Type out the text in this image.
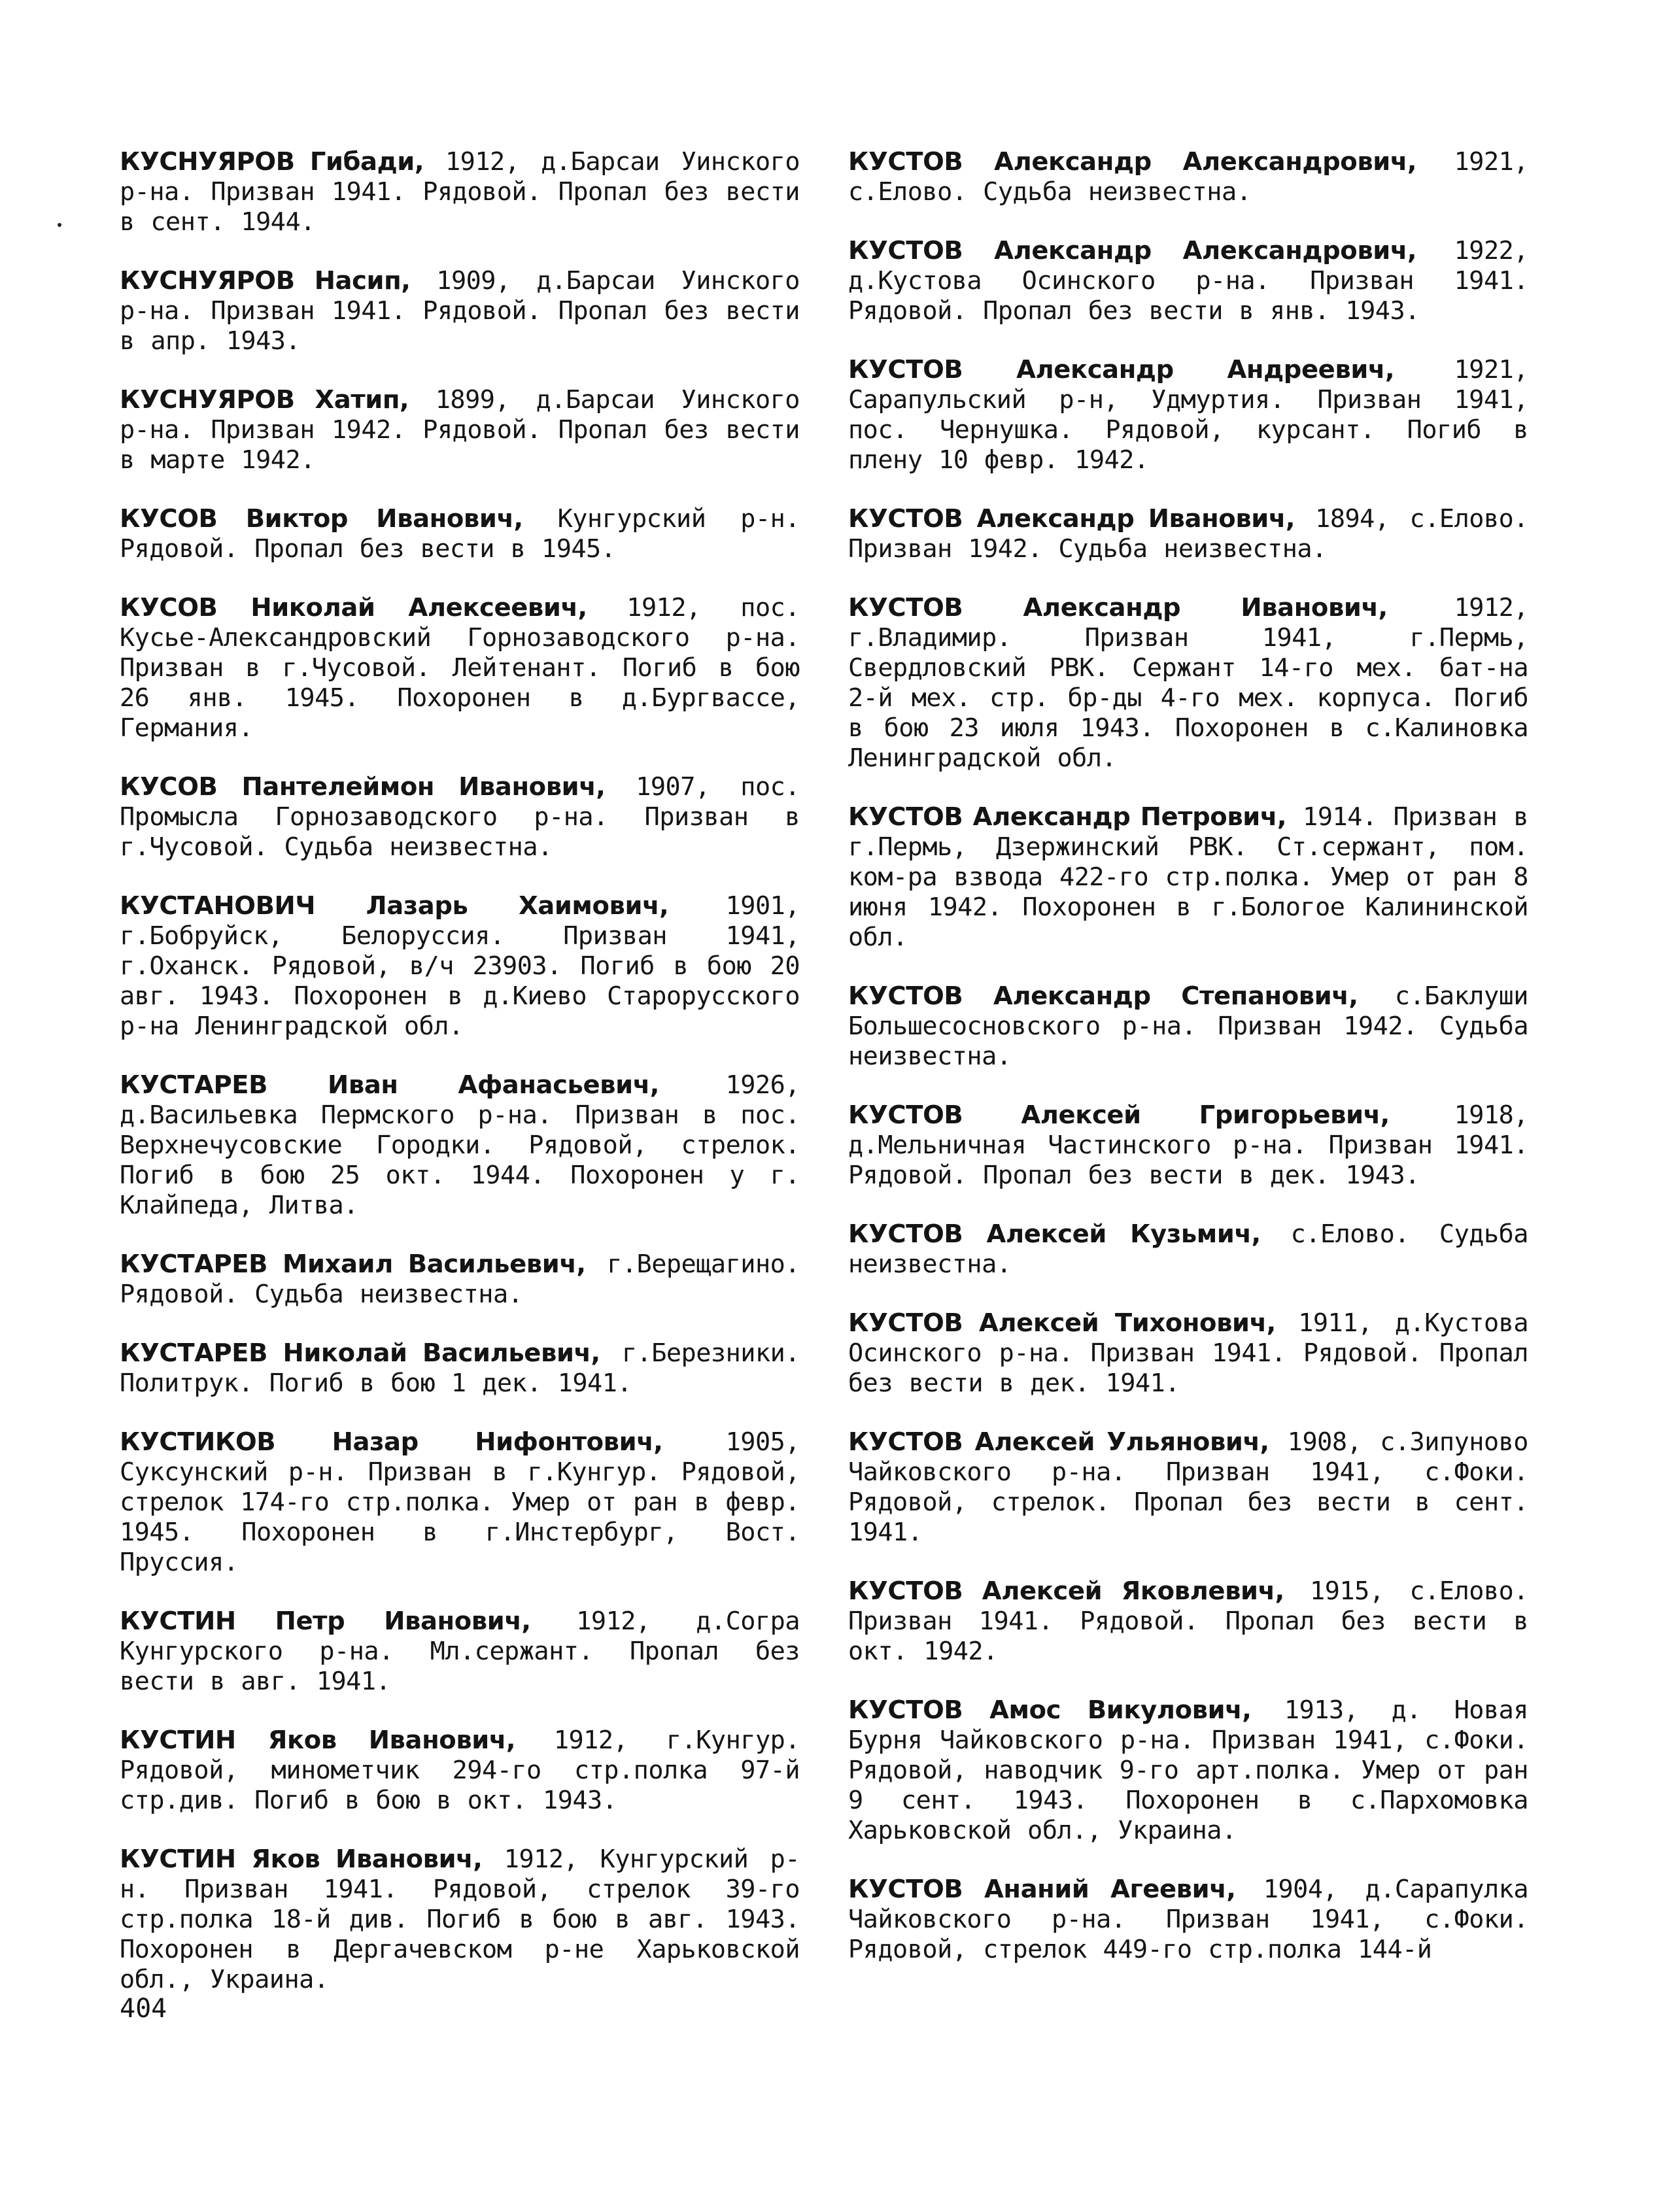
КУСНУЯРОВ Гибади, 1912, д.Барсаи Уинского р-на. Призван 1941. Рядовой. Пропал без вести в сент. 1944.

КУСНУЯРОВ Насип, 1909, д.Барсаи Уинского р-на. Призван 1941. Рядовой. Пропал без вести в апр. 1943.

КУСНУЯРОВ Хатип, 1899, д.Барсаи Уинского р-на. Призван 1942. Рядовой. Пропал без вести в марте 1942.

КУСОВ Виктор Иванович, Кунгурский р-н. Рядовой. Пропал без вести в 1945.

КУСОВ Николай Алексеевич, 1912, пос. Кусье-Александровский Горнозаводского р-на. Призван в г.Чусовой. Лейтенант. Погиб в бою 26 янв. 1945. Похоронен в д.Бургвассе, Германия.

КУСОВ Пантелеймон Иванович, 1907, пос. Промысла Горнозаводского р-на. Призван в г.Чусовой. Судьба неизвестна.

КУСТАНОВИЧ Лазарь Хаимович, 1901, г.Бобруйск, Белоруссия. Призван 1941, г.Оханск. Рядовой, в/ч 23903. Погиб в бою 20 авг. 1943. Похоронен в д.Киево Старорусского р-на Ленинградской обл.

КУСТАРЕВ Иван Афанасьевич,	1926, д.Васильевка Пермского р-на. Призван в пос. Верхнечусовские Городки. Рядовой, стрелок. Погиб в бою 25 окт. 1944. Похоронен у г. Клайпеда, Литва.

КУСТАРЕВ Михаил Васильевич, г.Верещагино. Рядовой. Судьба неизвестна.

КУСТАРЕВ Николай Васильевич, г.Березники. Политрук. Погиб в бою 1 дек. 1941.

КУСТИКОВ Назар Нифонтович, 1905, Суксунский р-н. Призван в г.Кунгур. Рядовой, стрелок 174-го стр.полка. Умер от ран в февр. 1945. Похоронен в г.Инстербург, Вост. Пруссия.

КУСТИН Петр Иванович, 1912, д.Согра Кунгурского р-на. Мл.сержант. Пропал без вести в авг. 1941.

КУСТИН Яков Иванович, 1912, г.Кунгур. Рядовой, минометчик 294-го стр.полка 97-й стр.див. Погиб в бою в окт. 1943.

КУСТИН Яков Иванович, 1912, Кунгурский р-н. Призван 1941. Рядовой, стрелок 39-го стр.полка 18-й див. Погиб в бою в авг. 1943. Похоронен в Дергачевском р-не Харьковской обл., Украина.

КУСТОВ Александр Александрович, 1921, с.Елово. Судьба неизвестна.

КУСТОВ Александр Александрович, 1922, д.Кустова Осинского р-на. Призван 1941. Рядовой. Пропал без вести в янв. 1943.

КУСТОВ Александр Андреевич, 1921, Сарапульский р-н, Удмуртия. Призван 1941, пос. Чернушка. Рядовой, курсант. Погиб в плену 10 февр. 1942.

КУСТОВ Александр Иванович, 1894, с.Елово. Призван 1942. Судьба неизвестна.

КУСТОВ Александр Иванович,	1912, г.Владимир. Призван 1941, г.Пермь, Свердловский РВК. Сержант 14-го мех. бат-на 2-й мех. стр. бр-ды 4-го мех. корпуса. Погиб в бою 23 июля 1943. Похоронен в с.Калиновка Ленинградской обл.

КУСТОВ Александр Петрович, 1914. Призван в г.Пермь, Дзержинский РВК. Ст.сержант, пом. ком-ра взвода 422-го стр.полка. Умер от ран 8 июня 1942. Похоронен в г.Бологое Калининской обл.

КУСТОВ Александр Степанович, с.Баклуши Большесосновского р-на. Призван 1942. Судьба неизвестна.

КУСТОВ Алексей Григорьевич,	1918, д.Мельничная Частинского р-на. Призван 1941. Рядовой. Пропал без вести в дек. 1943.

КУСТОВ Алексей Кузьмич, с.Елово. Судьба неизвестна.

КУСТОВ Алексей Тихонович, 1911, д.Кустова Осинского р-на. Призван 1941. Рядовой. Пропал без вести в дек. 1941.

КУСТОВ Алексей Ульянович, 1908, с.Зипуново Чайковского р-на. Призван 1941, с.Фоки. Рядовой, стрелок. Пропал без вести в сент. 1941.

КУСТОВ Алексей Яковлевич, 1915, с.Елово. Призван 1941. Рядовой. Пропал без вести в окт. 1942.

КУСТОВ Амос Викулович, 1913, д. Новая Бурня Чайковского р-на. Призван 1941, с.Фоки. Рядовой, наводчик 9-го арт.полка. Умер от ран 9 сент. 1943. Похоронен в с.Пархомовка Харьковской обл., Украина.

КУСТОВ Ананий Агеевич, 1904, д.Сарапулка Чайковского р-на. Призван 1941, с.Фоки. Рядовой, стрелок 449-го стр.полка 144-й

404
